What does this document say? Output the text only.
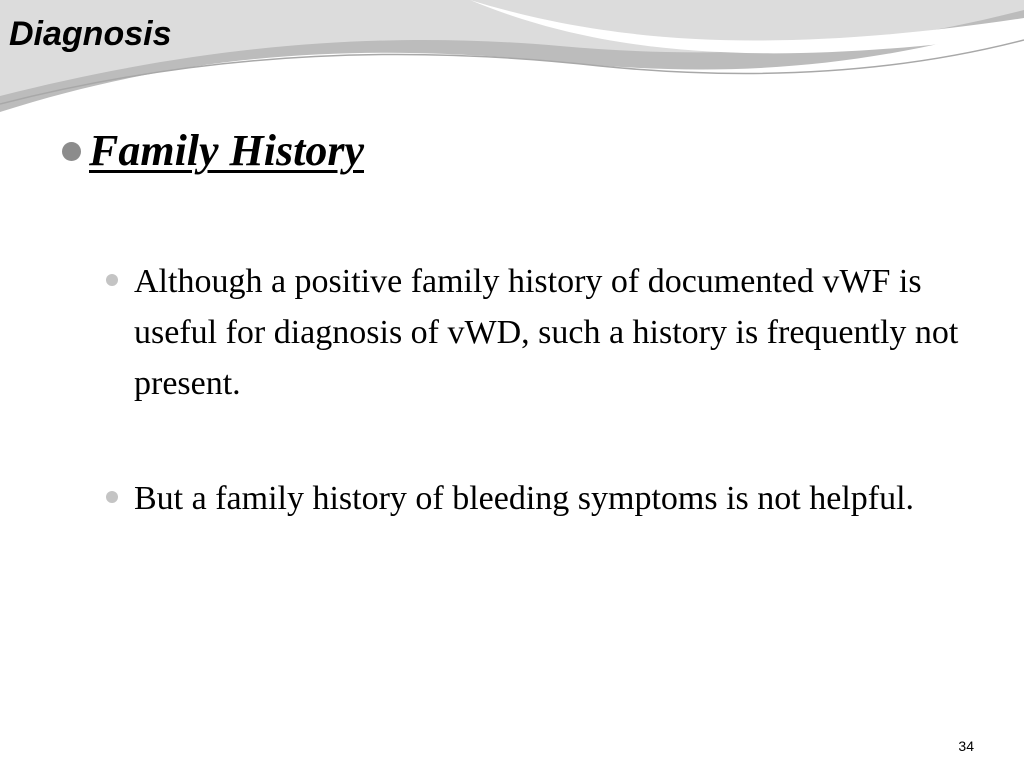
Diagnosis
Family History
Although a positive family history of documented vWF is useful for diagnosis of vWD, such a history is frequently not present.
But a family history of bleeding symptoms is not helpful.
34
